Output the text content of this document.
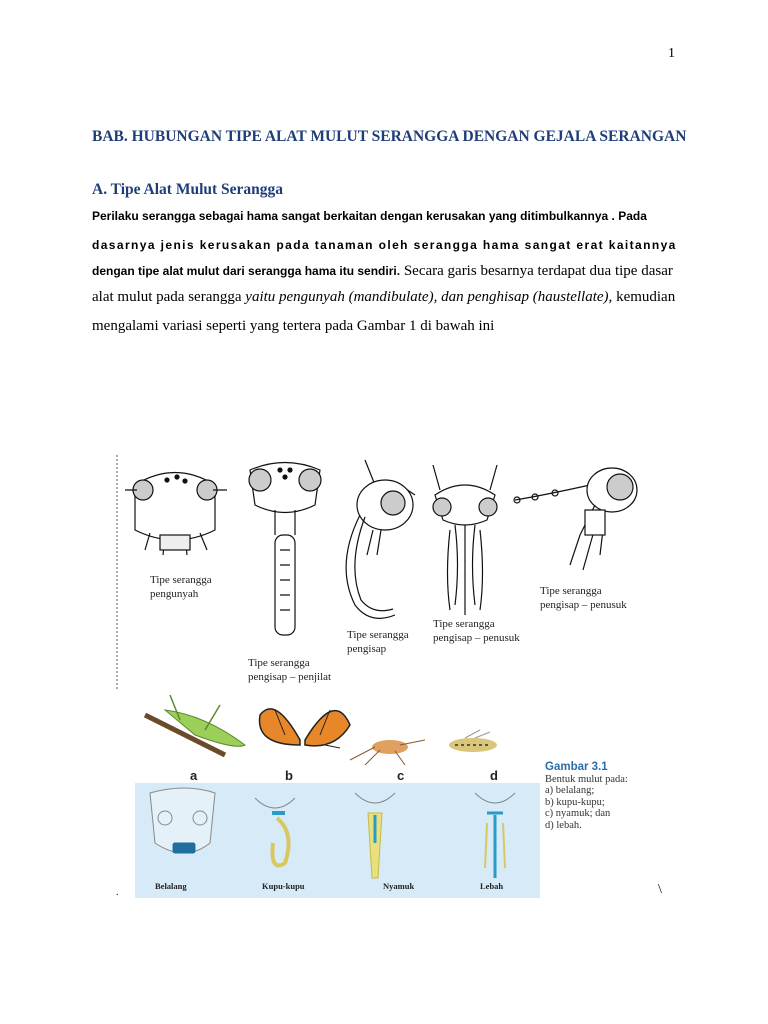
1
BAB. HUBUNGAN TIPE ALAT MULUT SERANGGA DENGAN GEJALA SERANGAN
A. Tipe Alat Mulut Serangga
Perilaku serangga sebagai hama sangat berkaitan dengan kerusakan yang ditimbulkannya . Pada
dasarnya jenis kerusakan pada tanaman oleh serangga hama sangat erat kaitannya
dengan tipe alat mulut dari serangga hama itu sendiri. Secara garis besarnya terdapat dua tipe dasar
alat mulut pada serangga yaitu pengunyah (mandibulate), dan penghisap (haustellate), kemudian
mengalami variasi seperti yang tertera pada Gambar 1 di bawah ini
Tipe serangga
pengunyah
Tipe serangga
pengisap – penjilat
Tipe serangga
pengisap
Tipe serangga
pengisap – penusuk
Tipe serangga
pengisap – penusuk
a	b	c	d
Belalang	Kupu-kupu	Nyamuk	Lebah
Gambar 3.1
Bentuk mulut pada:
a) belalang;
b) kupu-kupu;
c) nyamuk; dan
d) lebah.
.	\
